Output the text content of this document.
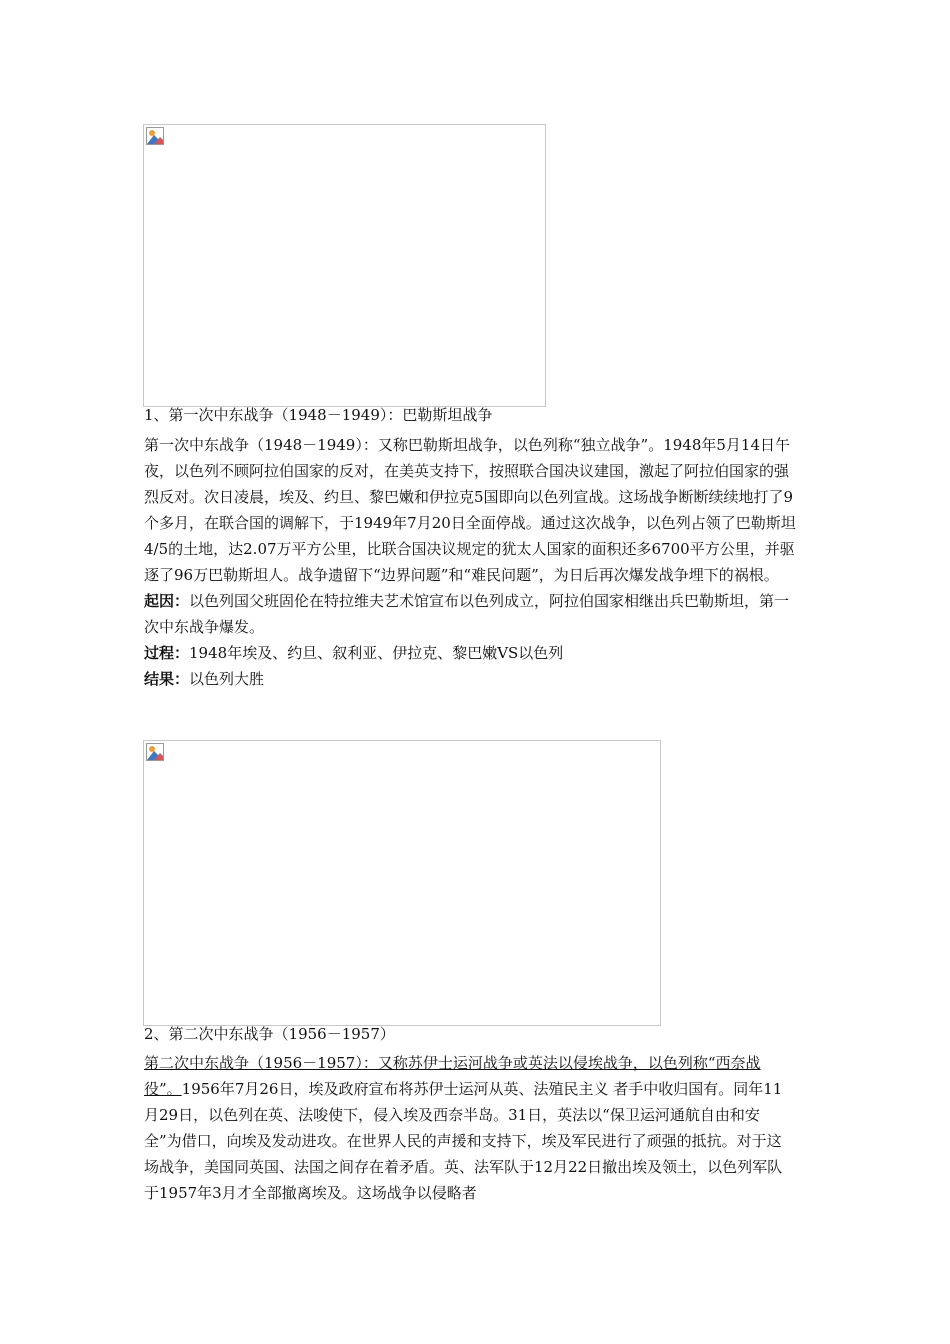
1、第一次中东战争（1948－1949）：巴勒斯坦战争

第一次中东战争（1948－1949）：又称巴勒斯坦战争，以色列称“独立战争”。1948年5月14日午夜，以色列不顾阿拉伯国家的反对，在美英支持下，按照联合国决议建国，激起了阿拉伯国家的强烈反对。次日凌晨，埃及、约旦、黎巴嫩和伊拉克5国即向以色列宣战。这场战争断断续续地打了9个多月，在联合国的调解下，于1949年7月20日全面停战。通过这次战争，以色列占领了巴勒斯坦4/5的土地，达2.07万平方公里，比联合国决议规定的犹太人国家的面积还多6700平方公里，并驱逐了96万巴勒斯坦人。战争遗留下“边界问题”和“难民问题”，为日后再次爆发战争埋下的祸根。

起因：以色列国父班固伦在特拉维夫艺术馆宣布以色列成立，阿拉伯国家相继出兵巴勒斯坦，第一次中东战争爆发。

过程：1948年埃及、约旦、叙利亚、伊拉克、黎巴嫩VS以色列

结果：以色列大胜

2、第二次中东战争（1956－1957）

第二次中东战争（1956－1957）：又称苏伊士运河战争或英法以侵埃战争，以色列称“西奈战役”。1956年7月26日，埃及政府宣布将苏伊士运河从英、法殖民主义 者手中收归国有。同年11月29日，以色列在英、法唆使下，侵入埃及西奈半岛。31日，英法以“保卫运河通航自由和安全”为借口，向埃及发动进攻。在世界人民的声援和支持下，埃及军民进行了顽强的抵抗。对于这场战争，美国同英国、法国之间存在着矛盾。英、法军队于12月22日撤出埃及领土，以色列军队于1957年3月才全部撤离埃及。这场战争以侵略者
